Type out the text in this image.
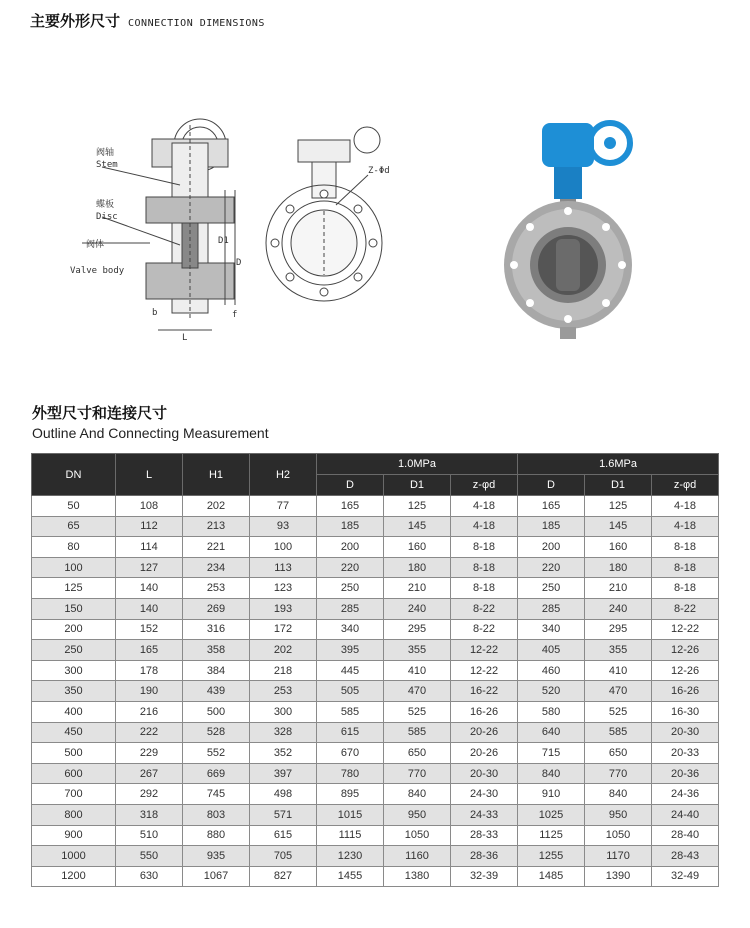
主要外形尺寸 CONNECTION DIMENSIONS
阀轴
Stem
蝶板
Disc
阀体
Valve body
D1
D
L
b	f
Z-Φd
外型尺寸和连接尺寸
Outline And Connecting Measurement
DN	L	H1	H2	1.0MPa			1.6MPa		
				D	D1	z-φd	D	D1	z-φd
50	108	202	77	165	125	4-18	165	125	4-18
65	112	213	93	185	145	4-18	185	145	4-18
80	114	221	100	200	160	8-18	200	160	8-18
100	127	234	113	220	180	8-18	220	180	8-18
125	140	253	123	250	210	8-18	250	210	8-18
150	140	269	193	285	240	8-22	285	240	8-22
200	152	316	172	340	295	8-22	340	295	12-22
250	165	358	202	395	355	12-22	405	355	12-26
300	178	384	218	445	410	12-22	460	410	12-26
350	190	439	253	505	470	16-22	520	470	16-26
400	216	500	300	585	525	16-26	580	525	16-30
450	222	528	328	615	585	20-26	640	585	20-30
500	229	552	352	670	650	20-26	715	650	20-33
600	267	669	397	780	770	20-30	840	770	20-36
700	292	745	498	895	840	24-30	910	840	24-36
800	318	803	571	1015	950	24-33	1025	950	24-40
900	510	880	615	1115	1050	28-33	1125	1050	28-40
1000	550	935	705	1230	1160	28-36	1255	1170	28-43
1200	630	1067	827	1455	1380	32-39	1485	1390	32-49
